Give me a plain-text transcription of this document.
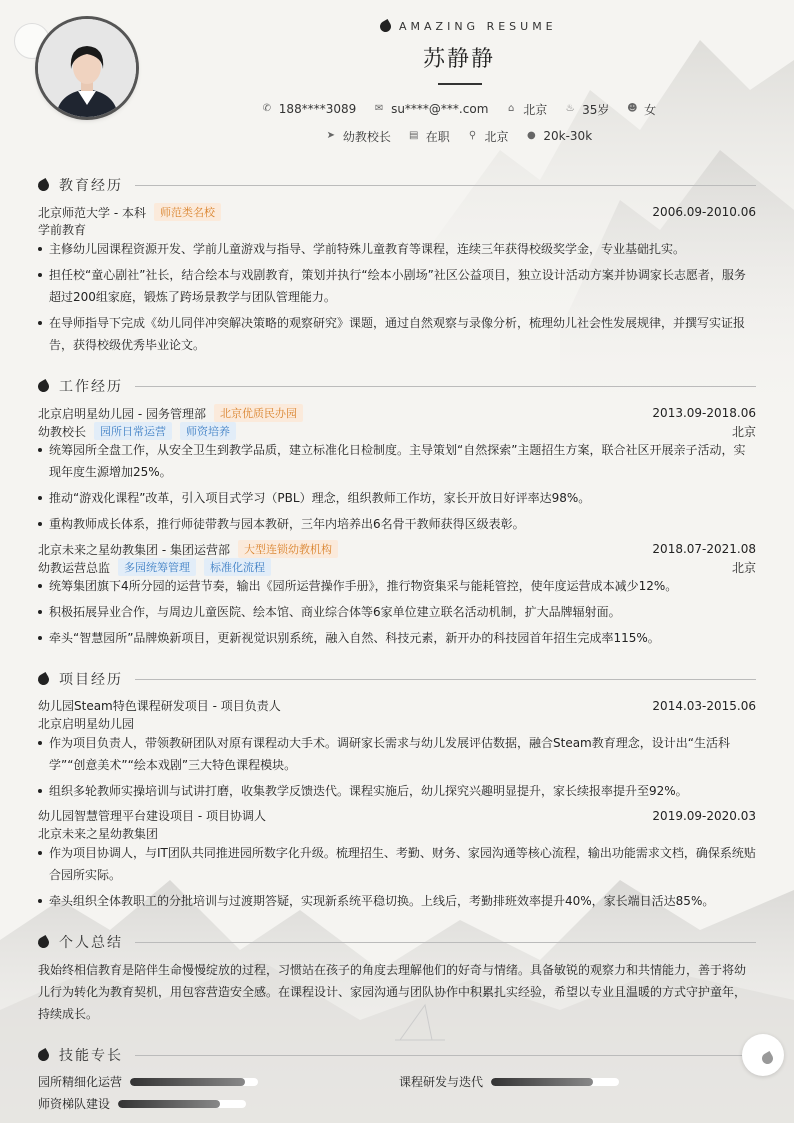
AMAZING RESUME
苏静静
✆ 188****3089
✉ su****@***.com
⌂ 北京
♨ 35岁
☻ 女
➤ 幼教校长
▤ 在职
⚲ 北京
● 20k-30k
教育经历
北京师范大学 - 本科	师范类名校	2006.09-2010.06
学前教育
主修幼儿园课程资源开发、学前儿童游戏与指导、学前特殊儿童教育等课程，连续三年获得校级奖学金，专业基础扎实。
担任校“童心剧社”社长，结合绘本与戏剧教育，策划并执行“绘本小剧场”社区公益项目，独立设计活动方案并协调家长志愿者，服务超过200组家庭，锻炼了跨场景教学与团队管理能力。
在导师指导下完成《幼儿同伴冲突解决策略的观察研究》课题，通过自然观察与录像分析，梳理幼儿社会性发展规律，并撰写实证报告，获得校级优秀毕业论文。
工作经历
北京启明星幼儿园 - 园务管理部	北京优质民办园	2013.09-2018.06
幼教校长	园所日常运营	师资培养	北京
统筹园所全盘工作，从安全卫生到教学品质，建立标准化日检制度。主导策划“自然探索”主题招生方案，联合社区开展亲子活动，实现年度生源增加25%。
推动“游戏化课程”改革，引入项目式学习（PBL）理念，组织教师工作坊，家长开放日好评率达98%。
重构教师成长体系，推行师徒带教与园本教研，三年内培养出6名骨干教师获得区级表彰。
北京未来之星幼教集团 - 集团运营部	大型连锁幼教机构	2018.07-2021.08
幼教运营总监	多园统筹管理	标准化流程	北京
统筹集团旗下4所分园的运营节奏，输出《园所运营操作手册》，推行物资集采与能耗管控，使年度运营成本减少12%。
积极拓展异业合作，与周边儿童医院、绘本馆、商业综合体等6家单位建立联名活动机制，扩大品牌辐射面。
牵头“智慧园所”品牌焕新项目，更新视觉识别系统，融入自然、科技元素，新开办的科技园首年招生完成率115%。
项目经历
幼儿园Steam特色课程研发项目 - 项目负责人	2014.03-2015.06
北京启明星幼儿园
作为项目负责人，带领教研团队对原有课程动大手术。调研家长需求与幼儿发展评估数据，融合Steam教育理念，设计出“生活科学”“创意美术”“绘本戏剧”三大特色课程模块。
组织多轮教师实操培训与试讲打磨，收集教学反馈迭代。课程实施后，幼儿探究兴趣明显提升，家长续报率提升至92%。
幼儿园智慧管理平台建设项目 - 项目协调人	2019.09-2020.03
北京未来之星幼教集团
作为项目协调人，与IT团队共同推进园所数字化升级。梳理招生、考勤、财务、家园沟通等核心流程，输出功能需求文档，确保系统贴合园所实际。
牵头组织全体教职工的分批培训与过渡期答疑，实现新系统平稳切换。上线后，考勤排班效率提升40%，家长端日活达85%。
个人总结
我始终相信教育是陪伴生命慢慢绽放的过程，习惯站在孩子的角度去理解他们的好奇与情绪。具备敏锐的观察力和共情能力，善于将幼儿行为转化为教育契机，用包容营造安全感。在课程设计、家园沟通与团队协作中积累扎实经验，希望以专业且温暖的方式守护童年，持续成长。
技能专长
园所精细化运营	课程研发与迭代
师资梯队建设
